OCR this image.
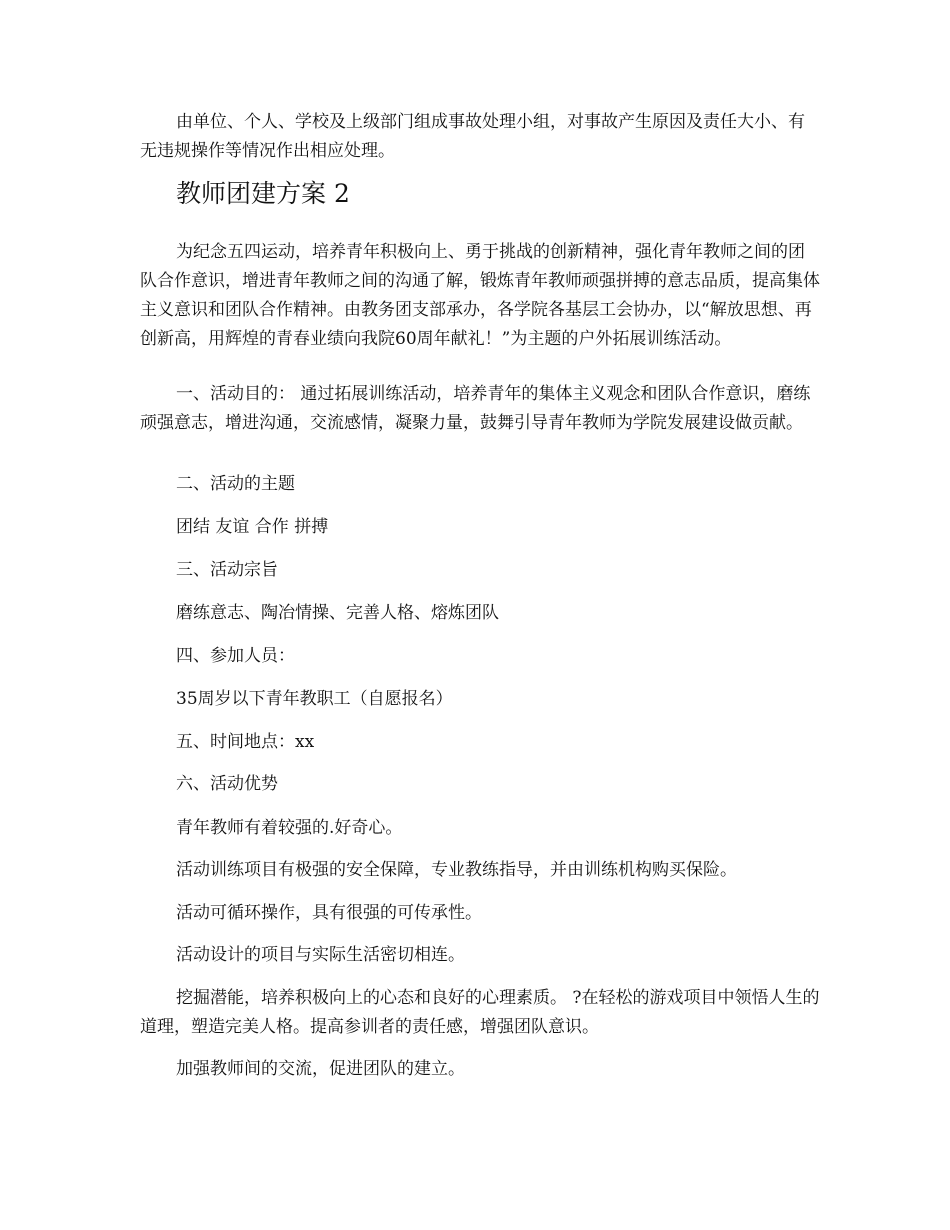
由单位、个人、学校及上级部门组成事故处理小组，对事故产生原因及责任大小、有无违规操作等情况作出相应处理。

教师团建方案 2

为纪念五四运动，培养青年积极向上、勇于挑战的创新精神，强化青年教师之间的团队合作意识，增进青年教师之间的沟通了解，锻炼青年教师顽强拼搏的意志品质，提高集体主义意识和团队合作精神。由教务团支部承办，各学院各基层工会协办，以“解放思想、再创新高，用辉煌的青春业绩向我院60周年献礼！”为主题的户外拓展训练活动。

一、活动目的： 通过拓展训练活动，培养青年的集体主义观念和团队合作意识，磨练顽强意志，增进沟通，交流感情，凝聚力量，鼓舞引导青年教师为学院发展建设做贡献。

二、活动的主题

团结 友谊 合作 拼搏

三、活动宗旨

磨练意志、陶冶情操、完善人格、熔炼团队

四、参加人员：

35周岁以下青年教职工（自愿报名）

五、时间地点：xx

六、活动优势

青年教师有着较强的.好奇心。

活动训练项目有极强的安全保障，专业教练指导，并由训练机构购买保险。

活动可循环操作，具有很强的可传承性。

活动设计的项目与实际生活密切相连。

挖掘潜能，培养积极向上的心态和良好的心理素质。 ?在轻松的游戏项目中领悟人生的道理，塑造完美人格。提高参训者的责任感，增强团队意识。

加强教师间的交流，促进团队的建立。
